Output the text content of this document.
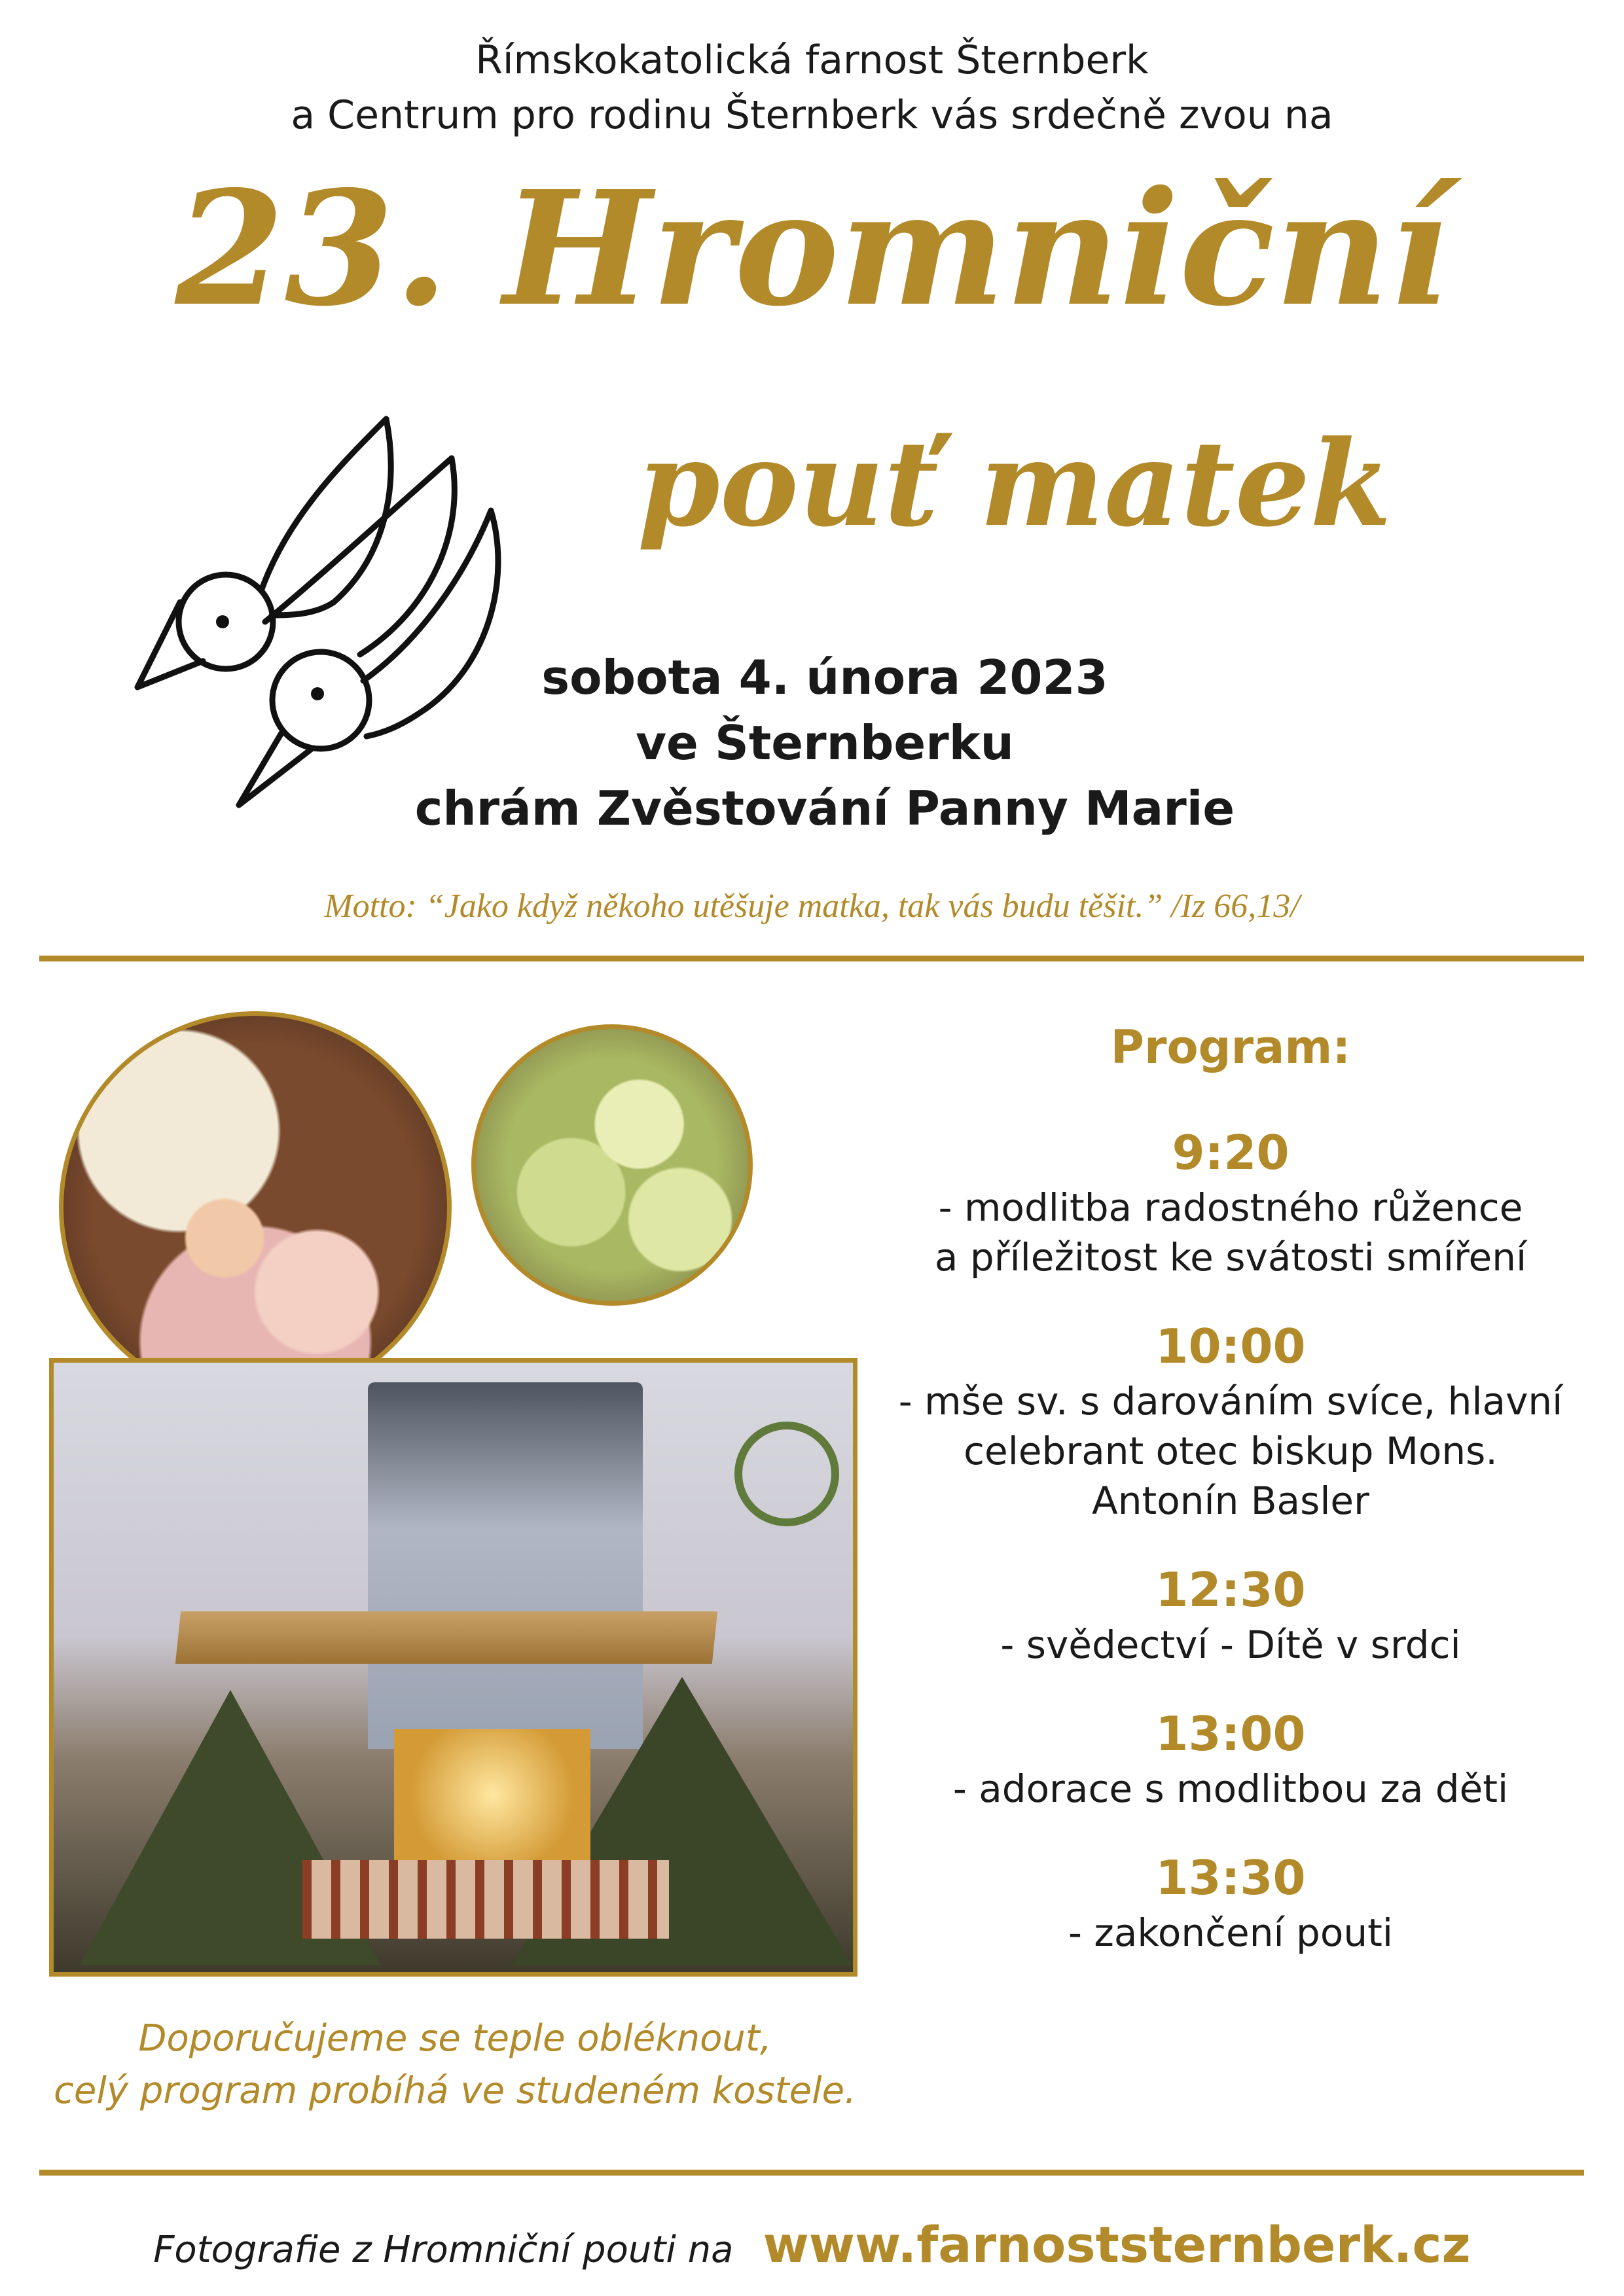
Římskokatolická farnost Šternberk
a Centrum pro rodinu Šternberk vás srdečně zvou na
23. Hromniční
pouť matek
sobota 4. února 2023
ve Šternberku
chrám Zvěstování Panny Marie
Motto: “Jako když někoho utěšuje matka, tak vás budu těšit.” /Iz 66,13/
Doporučujeme se teple obléknout,
celý program probíhá ve studeném kostele.
Program:
9:20
- modlitba radostného růžence
a příležitost ke svátosti smíření
10:00
- mše sv. s darováním svíce, hlavní
celebrant otec biskup Mons.
Antonín Basler
12:30
- svědectví - Dítě v srdci
13:00
- adorace s modlitbou za děti
13:30
- zakončení pouti
Fotografie z Hromniční pouti na www.farnoststernberk.cz
